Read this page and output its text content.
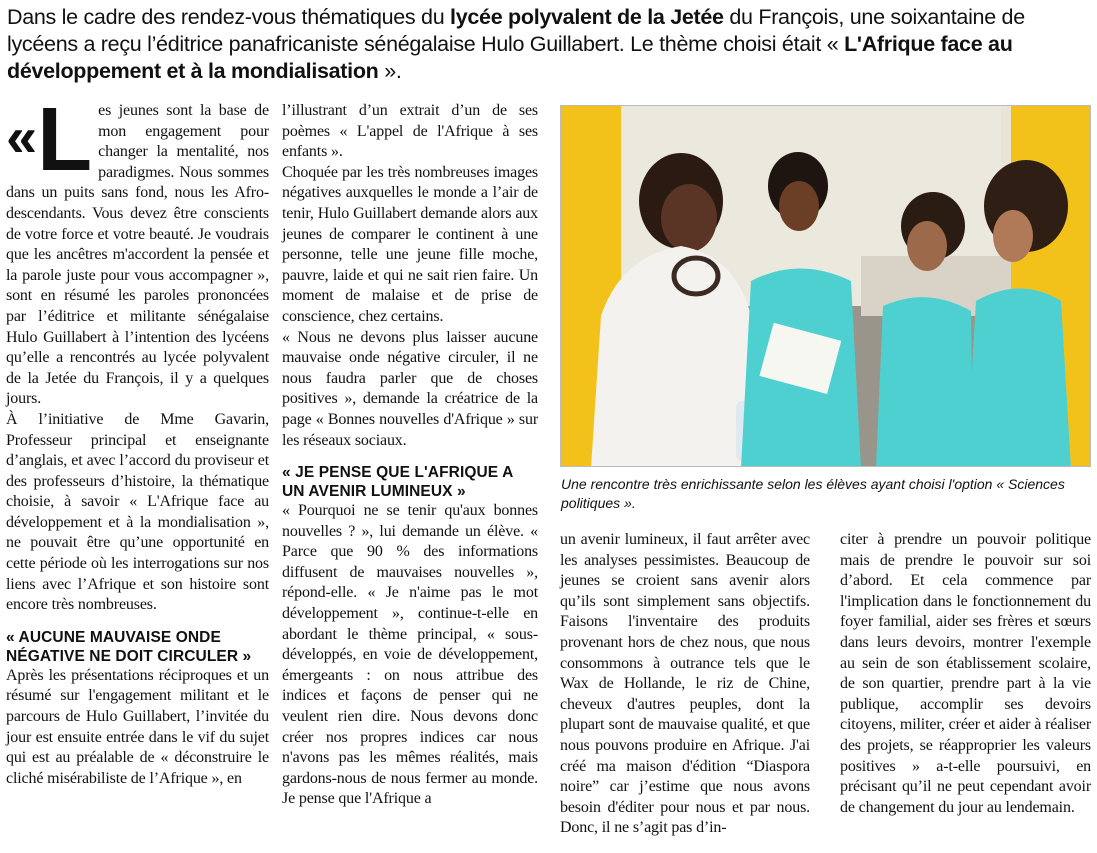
Dans le cadre des rendez-vous thématiques du lycée polyvalent de la Jetée du François, une soixantaine de lycéens a reçu l’éditrice panafricaniste sénégalaise Hulo Guillabert. Le thème choisi était « L'Afrique face au développement et à la mondialisation ».

«L es jeunes sont la base de mon engagement pour changer la mentalité, nos paradigmes. Nous sommes dans un puits sans fond, nous les Afro-descendants. Vous devez être conscients de votre force et votre beauté. Je voudrais que les ancêtres m'accordent la pensée et la parole juste pour vous accompagner », sont en résumé les paroles prononcées par l’éditrice et militante sénégalaise Hulo Guillabert à l’intention des lycéens qu’elle a rencontrés au lycée polyvalent de la Jetée du François, il y a quelques jours.

À l’initiative de Mme Gavarin, Professeur principal et enseignante d’anglais, et avec l’accord du proviseur et des professeurs d’histoire, la thématique choisie, à savoir « L'Afrique face au développement et à la mondialisation », ne pouvait être qu’une opportunité en cette période où les interrogations sur nos liens avec l’Afrique et son histoire sont encore très nombreuses.

« AUCUNE MAUVAISE ONDE NÉGATIVE NE DOIT CIRCULER »

Après les présentations réciproques et un résumé sur l'engagement militant et le parcours de Hulo Guillabert, l’invitée du jour est ensuite entrée dans le vif du sujet qui est au préalable de « déconstruire le cliché misérabiliste de l’Afrique », en

l’illustrant d’un extrait d’un de ses poèmes « L'appel de l'Afrique à ses enfants ».

Choquée par les très nombreuses images négatives auxquelles le monde a l’air de tenir, Hulo Guillabert demande alors aux jeunes de comparer le continent à une personne, telle une jeune fille moche, pauvre, laide et qui ne sait rien faire. Un moment de malaise et de prise de conscience, chez certains.

« Nous ne devons plus laisser aucune mauvaise onde négative circuler, il ne nous faudra parler que de choses positives », demande la créatrice de la page « Bonnes nouvelles d'Afrique » sur les réseaux sociaux.

« JE PENSE QUE L'AFRIQUE A UN AVENIR LUMINEUX »

« Pourquoi ne se tenir qu'aux bonnes nouvelles ? », lui demande un élève. « Parce que 90 % des informations diffusent de mauvaises nouvelles », répond-elle. « Je n'aime pas le mot développement », continue-t-elle en abordant le thème principal, « sous-développés, en voie de développement, émergeants : on nous attribue des indices et façons de penser qui ne veulent rien dire. Nous devons donc créer nos propres indices car nous n'avons pas les mêmes réalités, mais gardons-nous de nous fermer au monde. Je pense que l'Afrique a

Une rencontre très enrichissante selon les élèves ayant choisi l'option « Sciences politiques ».

un avenir lumineux, il faut arrêter avec les analyses pessimistes. Beaucoup de jeunes se croient sans avenir alors qu’ils sont simplement sans objectifs. Faisons l'inventaire des produits provenant hors de chez nous, que nous consommons à outrance tels que le Wax de Hollande, le riz de Chine, cheveux d'autres peuples, dont la plupart sont de mauvaise qualité, et que nous pouvons produire en Afrique. J'ai créé ma maison d'édition “Diaspora noire” car j’estime que nous avons besoin d'éditer pour nous et par nous. Donc, il ne s’agit pas d’in-

citer à prendre un pouvoir politique mais de prendre le pouvoir sur soi d’abord. Et cela commence par l'implication dans le fonctionnement du foyer familial, aider ses frères et sœurs dans leurs devoirs, montrer l'exemple au sein de son établissement scolaire, de son quartier, prendre part à la vie publique, accomplir ses devoirs citoyens, militer, créer et aider à réaliser des projets, se réapproprier les valeurs positives » a-t-elle poursuivi, en précisant qu’il ne peut cependant avoir de changement du jour au lendemain.
